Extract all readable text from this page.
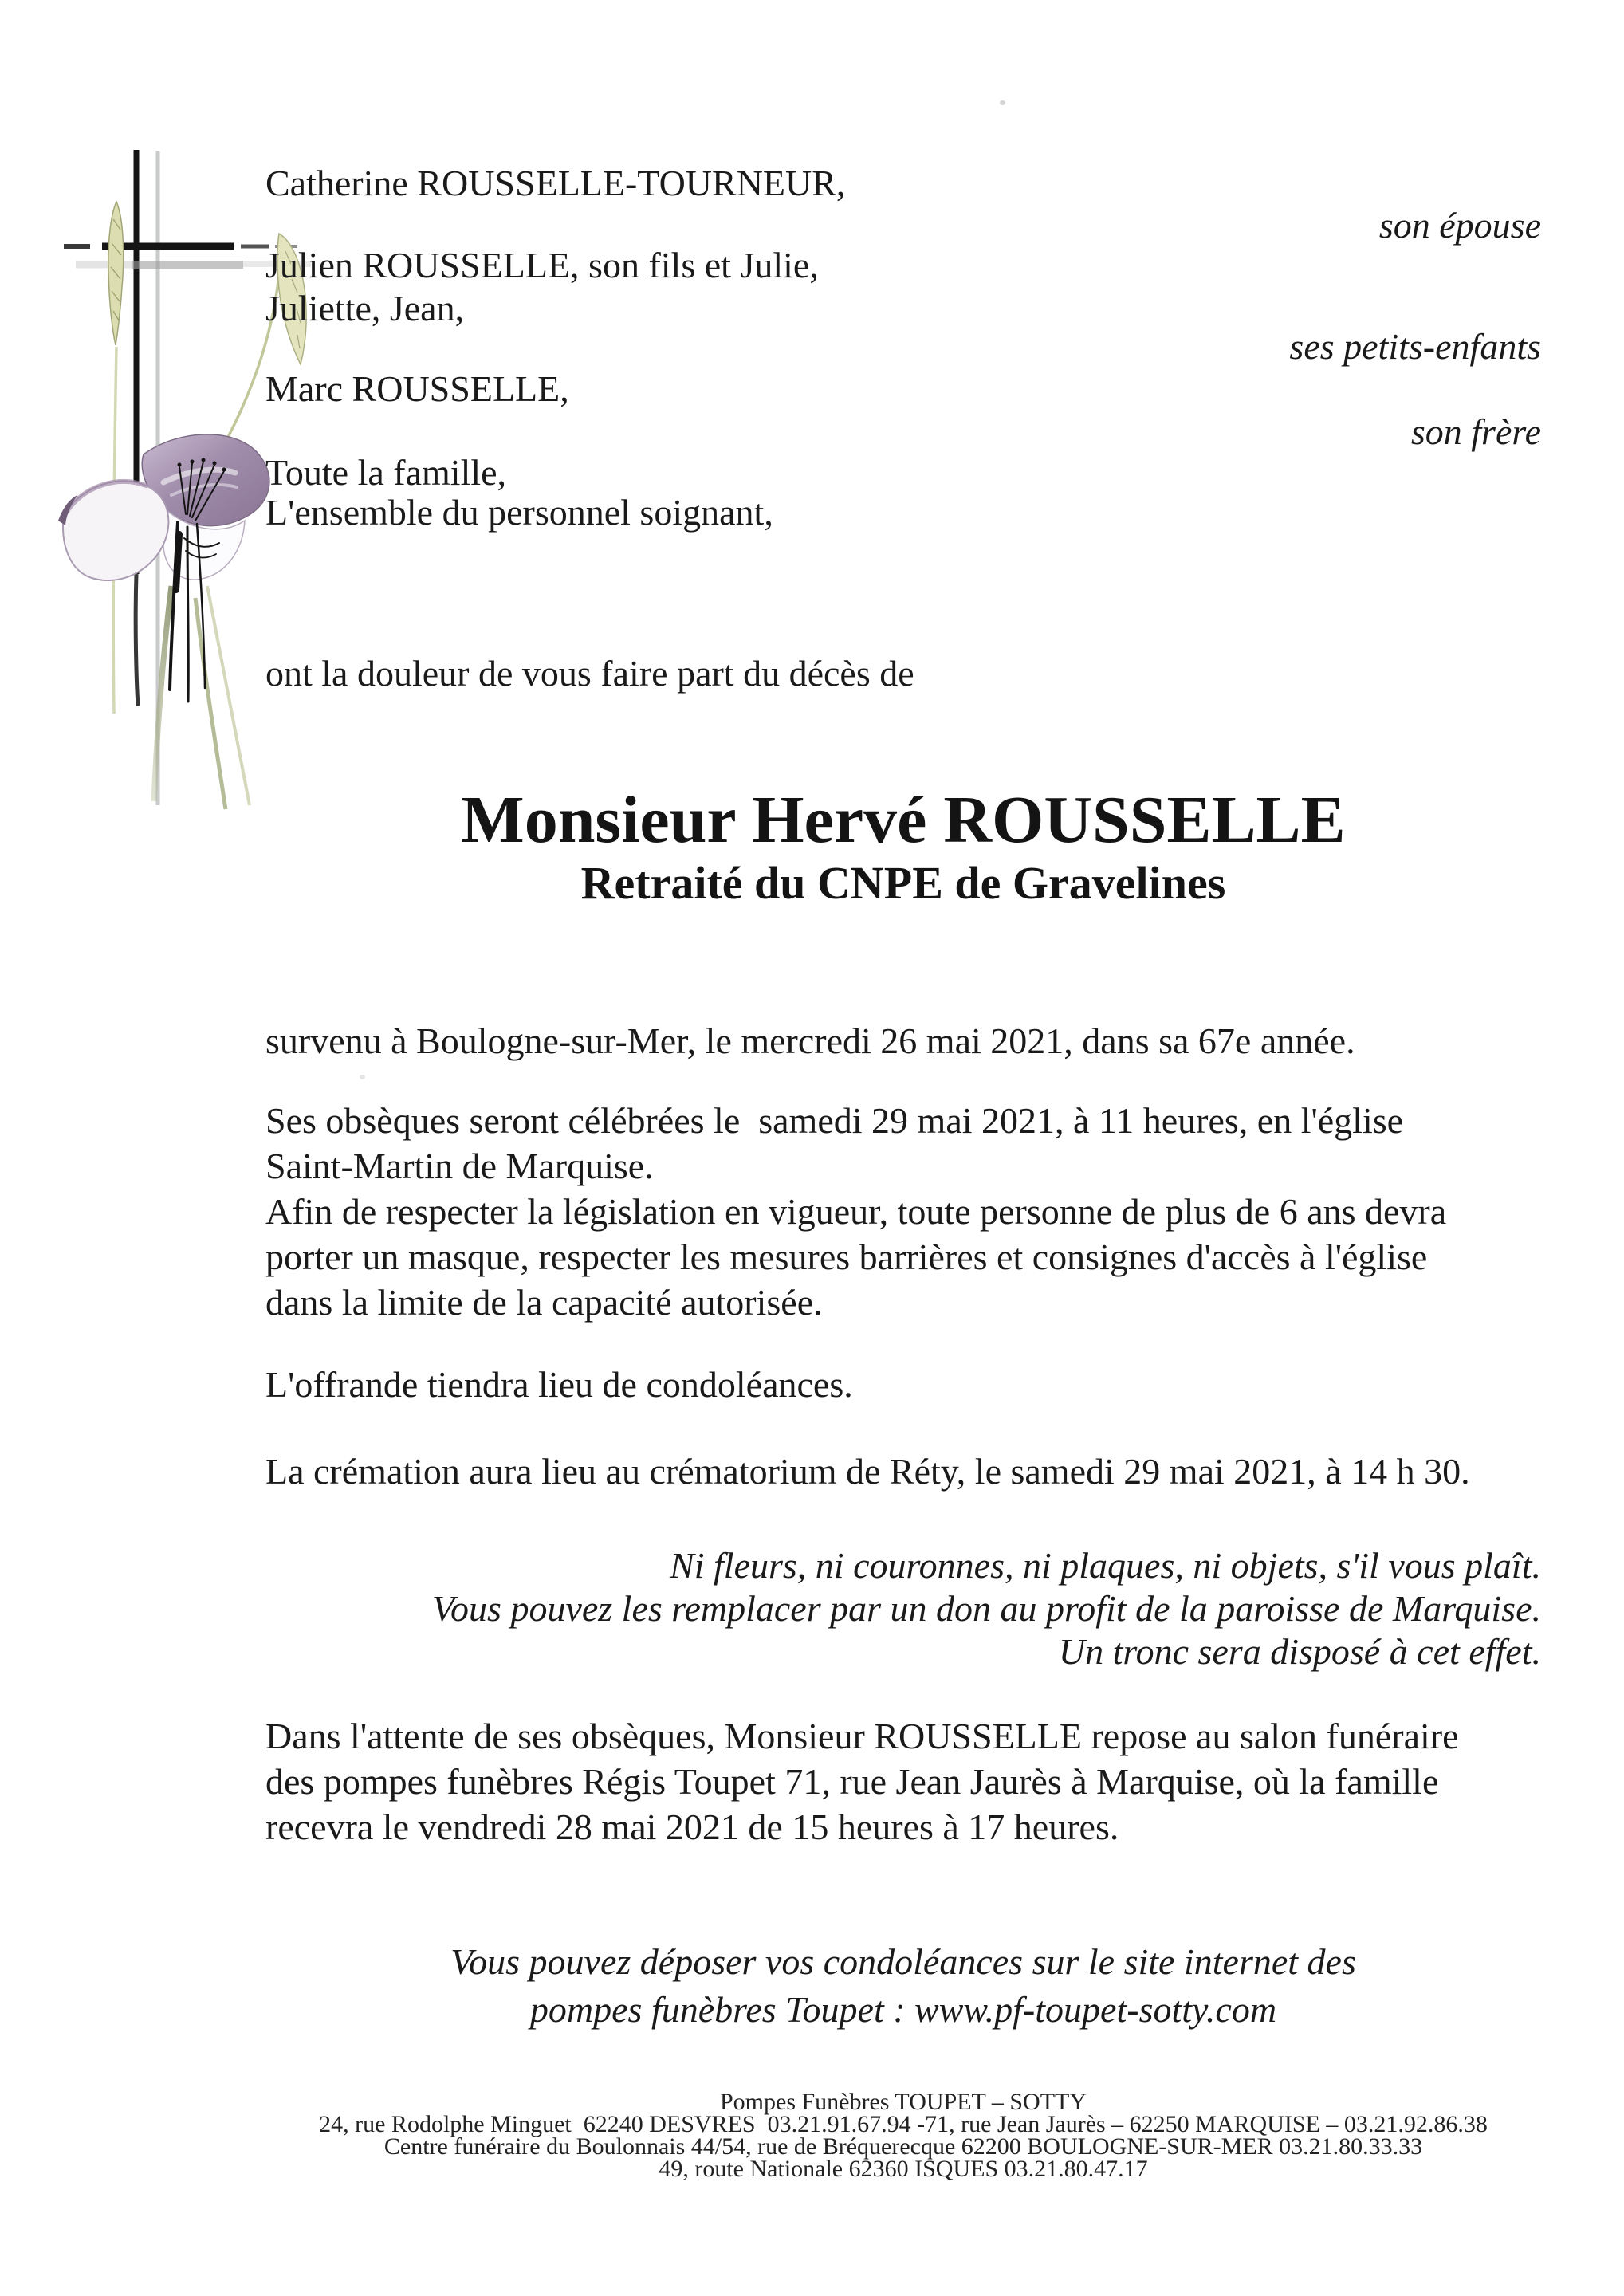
Catherine ROUSSELLE-TOURNEUR,
son épouse
Julien ROUSSELLE, son fils et Julie,
Juliette, Jean,
ses petits-enfants
Marc ROUSSELLE,
son frère
Toute la famille,
L'ensemble du personnel soignant,
ont la douleur de vous faire part du décès de
Monsieur Hervé ROUSSELLE
Retraité du CNPE de Gravelines
survenu à Boulogne-sur-Mer, le mercredi 26 mai 2021, dans sa 67e année.
Ses obsèques seront célébrées le  samedi 29 mai 2021, à 11 heures, en l'église
Saint-Martin de Marquise.
Afin de respecter la législation en vigueur, toute personne de plus de 6 ans devra
porter un masque, respecter les mesures barrières et consignes d'accès à l'église
dans la limite de la capacité autorisée.
L'offrande tiendra lieu de condoléances.
La crémation aura lieu au crématorium de Réty, le samedi 29 mai 2021, à 14 h 30.
Ni fleurs, ni couronnes, ni plaques, ni objets, s'il vous plaît.
Vous pouvez les remplacer par un don au profit de la paroisse de Marquise.
Un tronc sera disposé à cet effet.
Dans l'attente de ses obsèques, Monsieur ROUSSELLE repose au salon funéraire
des pompes funèbres Régis Toupet 71, rue Jean Jaurès à Marquise, où la famille
recevra le vendredi 28 mai 2021 de 15 heures à 17 heures.
Vous pouvez déposer vos condoléances sur le site internet des
pompes funèbres Toupet : www.pf-toupet-sotty.com
Pompes Funèbres TOUPET – SOTTY
24, rue Rodolphe Minguet  62240 DESVRES  03.21.91.67.94 -71, rue Jean Jaurès – 62250 MARQUISE – 03.21.92.86.38
Centre funéraire du Boulonnais 44/54, rue de Bréquerecque 62200 BOULOGNE-SUR-MER 03.21.80.33.33
49, route Nationale 62360 ISQUES 03.21.80.47.17
